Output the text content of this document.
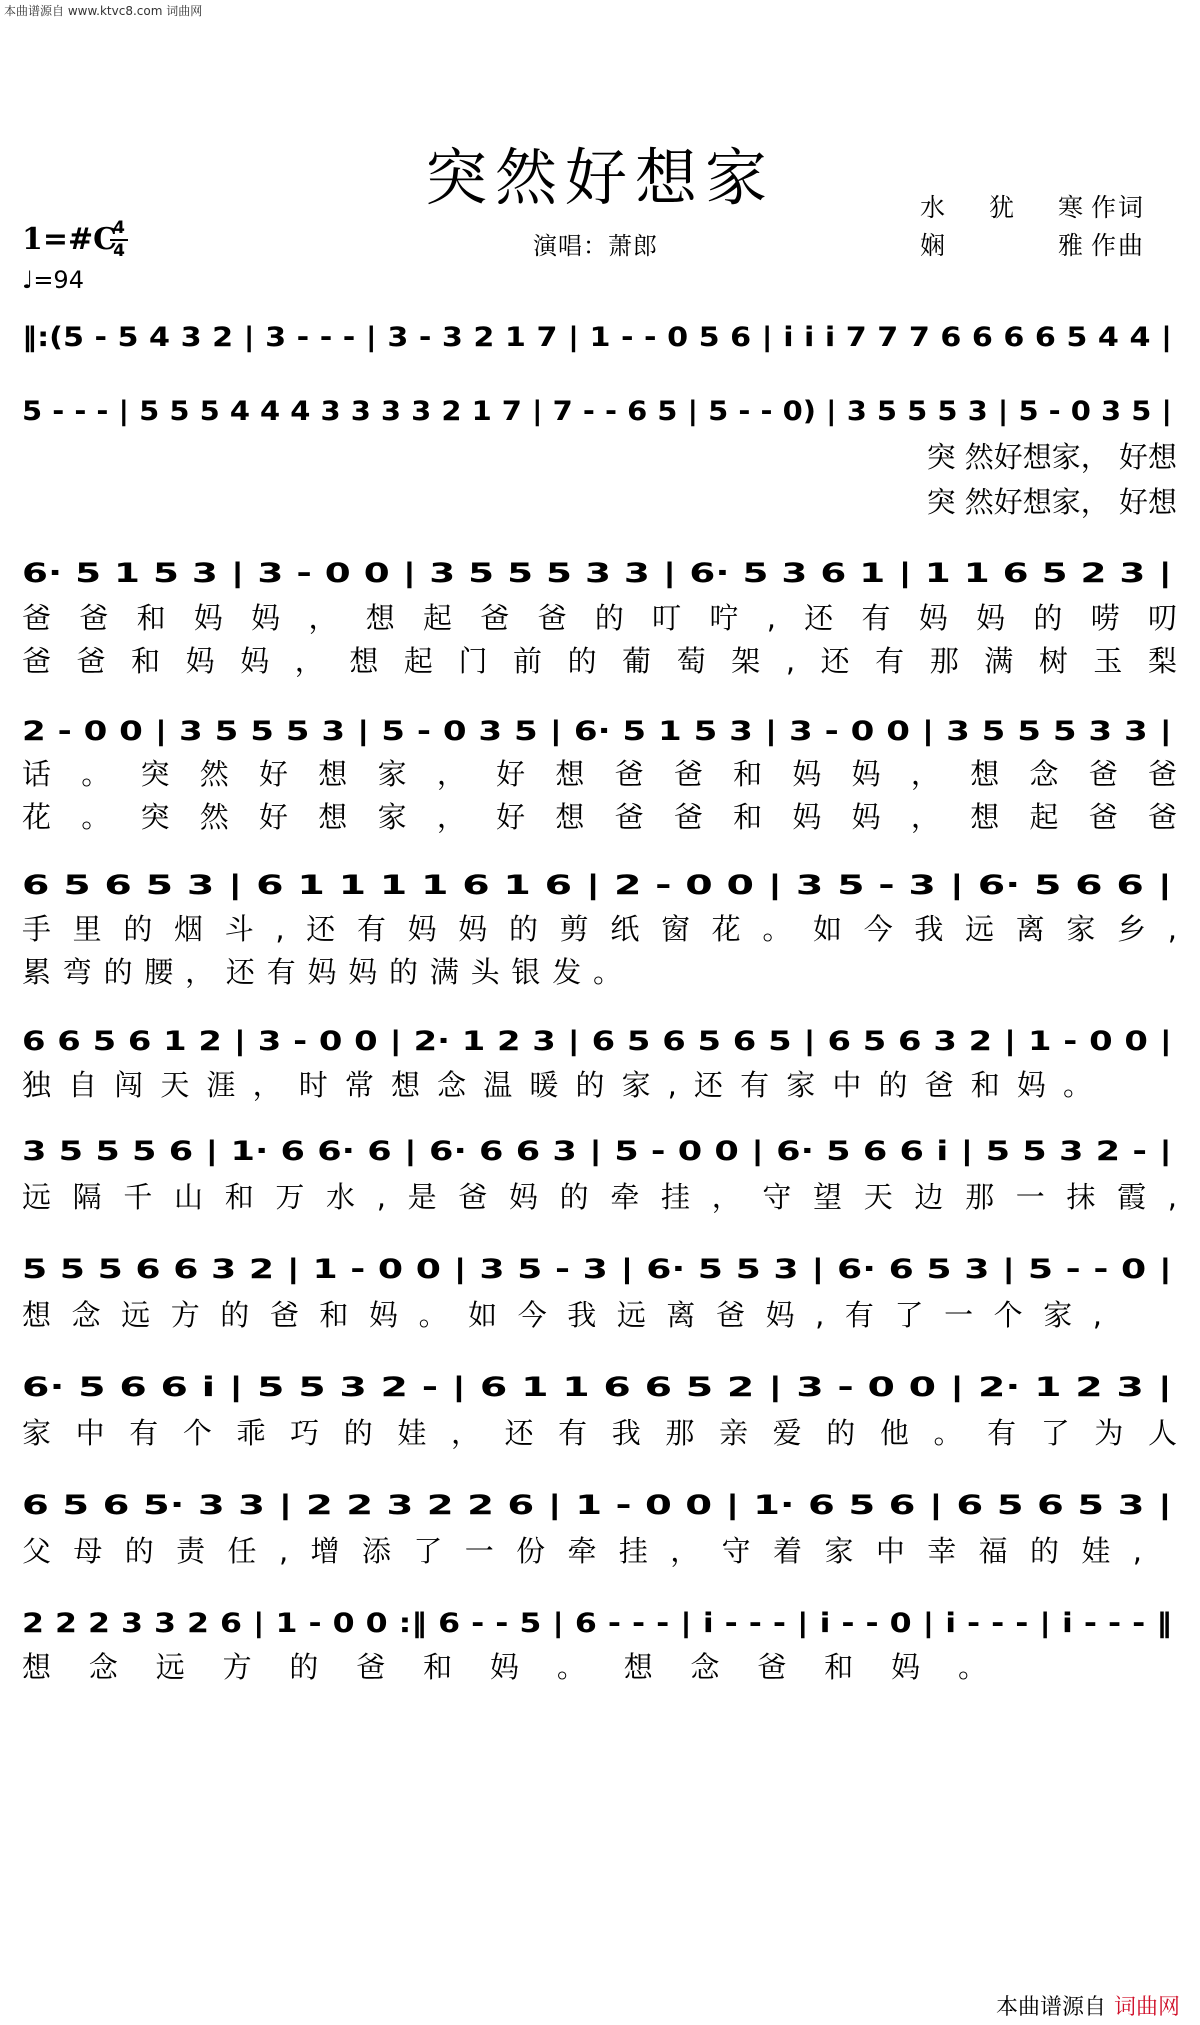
本曲谱源自 www.ktvc8.com 词曲网
突然好想家	水犹寒 作词
娴雅 作曲
1=#C
4
4
♩=94
演唱：萧郎
‖:(5 - 5 4 3 2 | 3 - - - | 3 - 3 2 1 7 | 1 - - 0 5 6 | i i i 7 7 7 6 6 6 6 5 4 4 |
5 - - - | 5 5 5 4 4 4 3 3 3 3 2 1 7 | 7 - - 6 5 | 5 - - 0) | 3 5 5 5 3 | 5 - 0 3 5 |
突 然好想家， 好想
突 然好想家， 好想
6· 5 1 5 3 | 3 - 0 0 | 3 5 5 5 3 3 | 6· 5 3 6 1 | 1 1 6 5 2 3 |
爸爸和妈妈，想起爸爸的叮咛,还有妈妈的唠叨
爸爸和妈妈，想起门前的葡萄架,还有那满树玉梨
2 - 0 0 | 3 5 5 5 3 | 5 - 0 3 5 | 6· 5 1 5 3 | 3 - 0 0 | 3 5 5 5 3 3 |
话。突然好想家，好想爸爸和妈妈，想念爸爸
花。突然好想家，好想爸爸和妈妈，想起爸爸
6 5 6 5 3 | 6 1 1 1 1 6 1 6 | 2 - 0 0 | 3 5 - 3 | 6· 5 6 6 |
手里的烟斗,还有妈妈的剪纸窗花。如今我远离家乡,
累弯的腰，还有妈妈的满头银发。
6 6 5 6 1 2 | 3 - 0 0 | 2· 1 2 3 | 6 5 6 5 6 5 | 6 5 6 3 2 | 1 - 0 0 |
独自闯天涯，时常想念温暖的家,还有家中的爸和妈。
3 5 5 5 6 | 1· 6 6· 6 | 6· 6 6 3 | 5 - 0 0 | 6· 5 6 6 i | 5 5 3 2 - |
远隔千山和万水,是爸妈的牵挂，守望天边那一抹霞,
5 5 5 6 6 3 2 | 1 - 0 0 | 3 5 - 3 | 6· 5 5 3 | 6· 6 5 3 | 5 - - 0 |
想念远方的爸和妈。如今我远离爸妈,有了一个家,
6· 5 6 6 i | 5 5 3 2 - | 6 1 1 6 6 5 2 | 3 - 0 0 | 2· 1 2 3 |
家中有个乖巧的娃，还有我那亲爱的他。有了为人
6 5 6 5· 3 3 | 2 2 3 2 2 6 | 1 - 0 0 | 1· 6 5 6 | 6 5 6 5 3 |
父母的责任,增添了一份牵挂，守着家中幸福的娃,
2 2 2 3 3 2 6 | 1 - 0 0 :‖ 6 - - 5 | 6 - - - | i - - - | i - - 0 | i - - - | i - - - ‖
想念远方的爸和妈。想念爸和妈。
本曲谱源自 词曲网
